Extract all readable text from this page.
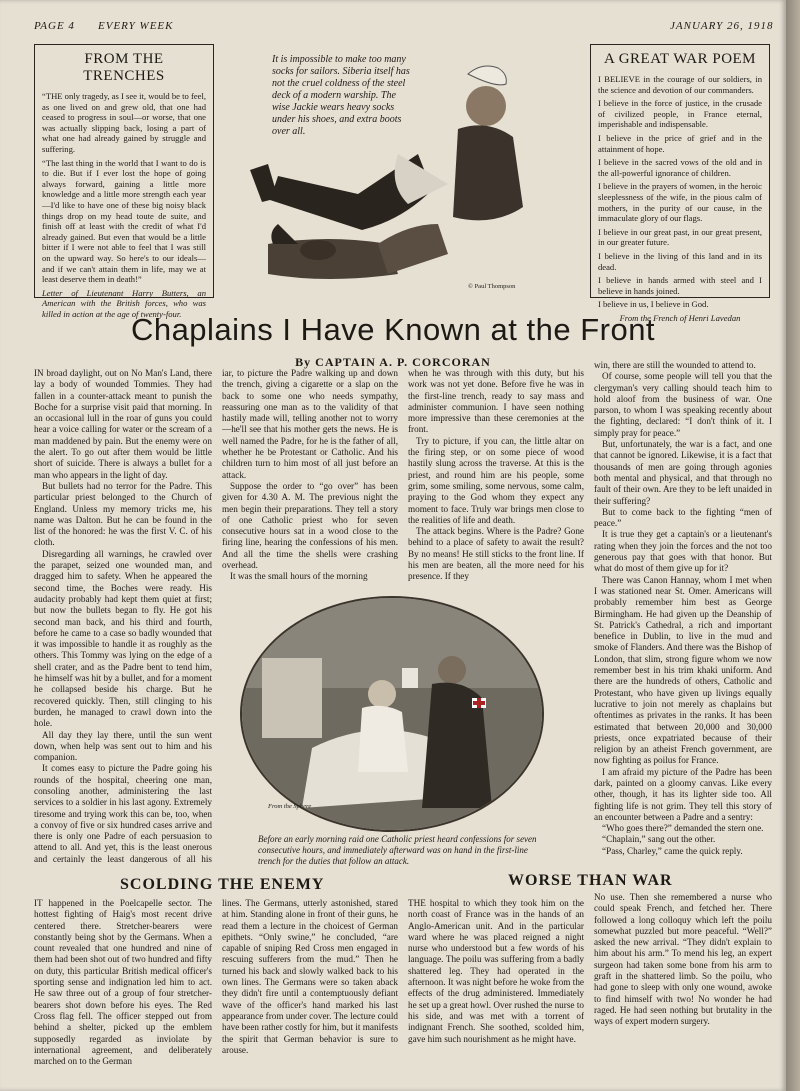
PAGE 4 EVERY WEEK	JANUARY 26, 1918
FROM THE TRENCHES

“THE only tragedy, as I see it, would be to feel, as one lived on and grew old, that one had ceased to progress in soul—or worse, that one was actually slipping back, losing a part of what one had already gained by struggle and suffering.

“The last thing in the world that I want to do is to die. But if I ever lost the hope of going always forward, gaining a little more knowledge and a little more strength each year—I'd like to have one of these big noisy black things drop on my head toute de suite, and finish off at least with the credit of what I'd already gained. But even that would be a little bitter if I were not able to feel that I was still on the upward way. So here's to our ideals—and if we can't attain them in life, may we at least deserve them in death!”

Letter of Lieutenant Harry Butters, an American with the British forces, who was killed in action at the age of twenty-four.

It is impossible to make too many socks for sailors. Siberia itself has not the cruel coldness of the steel deck of a modern warship. The wise Jackie wears heavy socks under his shoes, and extra boots over all.
© Paul Thompson
A GREAT WAR POEM

I BELIEVE in the courage of our soldiers, in the science and devotion of our commanders.

I believe in the force of justice, in the crusade of civilized people, in France eternal, imperishable and indispensable.

I believe in the price of grief and in the attainment of hope.

I believe in the sacred vows of the old and in the all-powerful ignorance of children.

I believe in the prayers of women, in the heroic sleeplessness of the wife, in the pious calm of mothers, in the purity of our cause, in the immaculate glory of our flags.

I believe in our great past, in our great present, in our greater future.

I believe in the living of this land and in its dead.

I believe in hands armed with steel and I believe in hands joined.

I believe in us, I believe in God.

From the French of Henri Lavedan

Chaplains I Have Known at the Front
By CAPTAIN A. P. CORCORAN

IN broad daylight, out on No Man's Land, there lay a body of wounded Tommies. They had fallen in a counter-attack meant to punish the Boche for a surprise visit paid that morning. In an occasional lull in the roar of guns you could hear a voice calling for water or the scream of a man maddened by pain. But the enemy were on the alert. To go out after them would be little short of suicide. There is always a bullet for a man who appears in the light of day.

But bullets had no terror for the Padre. This particular priest belonged to the Church of England. Unless my memory tricks me, his name was Dalton. But he can be found in the list of the honored: he was the first V. C. of his cloth.

Disregarding all warnings, he crawled over the parapet, seized one wounded man, and dragged him to safety. When he appeared the second time, the Boches were ready. His audacity probably had kept them quiet at first; but now the bullets began to fly. He got his second man back, and his third and fourth, before he came to a case so badly wounded that it was impossible to handle it as roughly as the others. This Tommy was lying on the edge of a shell crater, and as the Padre bent to tend him, he himself was hit by a bullet, and for a moment he collapsed beside his charge. But he recovered quickly. Then, still clinging to his burden, he managed to crawl down into the hole.

All day they lay there, until the sun went down, when help was sent out to him and his companion.

It comes easy to picture the Padre going his rounds of the hospital, cheering one man, consoling another, administering the last services to a soldier in his last agony. Extremely tiresome and trying work this can be, too, when a convoy of five or six hundred cases arrive and there is only one Padre of each persuasion to attend to all. And yet, this is the least onerous and certainly the least dangerous of all his

iar, to picture the Padre walking up and down the trench, giving a cigarette or a slap on the back to some one who needs sympathy, reassuring one man as to the validity of that hastily made will, telling another not to worry—he'll see that his mother gets the news. He is well named the Padre, for he is the father of all, whether he be Protestant or Catholic. And his children turn to him most of all just before an attack.

Suppose the order to “go over” has been given for 4.30 A. M. The previous night the men begin their preparations. They tell a story of one Catholic priest who for seven consecutive hours sat in a wood close to the firing line, hearing the confessions of his men. And all the time the shells were crashing overhead.

It was the small hours of the morning

when he was through with this duty, but his work was not yet done. Before five he was in the first-line trench, ready to say mass and administer communion. I have seen nothing more impressive than these ceremonies at the front.

Try to picture, if you can, the little altar on the firing step, or on some piece of wood hastily slung across the traverse. At this is the priest, and round him are his people, some grim, some smiling, some nervous, some calm, praying to the God whom they expect any moment to face. Truly war brings men close to the realities of life and death.

The attack begins. Where is the Padre? Gone behind to a place of safety to await the result? By no means! He still sticks to the front line. If his men are beaten, all the more need for his presence. If they

win, there are still the wounded to attend to.

Of course, some people will tell you that the clergyman's very calling should teach him to hold aloof from the business of war. One parson, to whom I was speaking recently about the fighting, declared: “I don't think of it. I simply pray for peace.”

But, unfortunately, the war is a fact, and one that cannot be ignored. Likewise, it is a fact that thousands of men are going through agonies both mental and physical, and that through no fault of their own. Are they to be left unaided in their suffering?

But to come back to the fighting “men of peace.”

It is true they get a captain's or a lieutenant's rating when they join the forces and the not too generous pay that goes with that honor. But what do most of them give up for it?

There was Canon Hannay, whom I met when I was stationed near St. Omer. Americans will probably remember him best as George Birmingham. He had given up the Deanship of St. Patrick's Cathedral, a rich and important benefice in Dublin, to live in the mud and smoke of Flanders. And there was the Bishop of London, that slim, strong figure whom we now remember best in his trim khaki uniform. And there are the hundreds of others, Catholic and Protestant, who have given up livings equally lucrative to join not merely as chaplains but oftentimes as privates in the ranks. It has been estimated that between 20,000 and 30,000 priests, once expatriated because of their religion by an atheist French government, are now fighting as poilus for France.

I am afraid my picture of the Padre has been dark, painted on a gloomy canvas. Like every other, though, it has its lighter side too. All fighting life is not grim. They tell this story of an encounter between a Padre and a sentry:

“Who goes there?” demanded the stern one.

“Chaplain,” sang out the other.

“Pass, Charley,” came the quick reply.

From the Sphere
Before an early morning raid one Catholic priest heard confessions for seven consecutive hours, and immediately afterward was on hand in the first-line trench for the duties that follow an attack.
SCOLDING THE ENEMY	WORSE THAN WAR

IT happened in the Poelcapelle sector. The hottest fighting of Haig's most recent drive centered there. Stretcher-bearers were constantly being shot by the Germans. When a count revealed that one hundred and nine of them had been shot out of two hundred and fifty on duty, this particular British medical officer's sporting sense and indignation led him to act. He saw three out of a group of four stretcher-bearers shot down before his eyes. The Red Cross flag fell. The officer stepped out from behind a shelter, picked up the emblem supposedly regarded as inviolate by international agreement, and deliberately marched on to the German

lines. The Germans, utterly astonished, stared at him. Standing alone in front of their guns, he read them a lecture in the choicest of German epithets. “Only swine,” he concluded, “are capable of sniping Red Cross men engaged in rescuing sufferers from the mud.” Then he turned his back and slowly walked back to his own lines. The Germans were so taken aback they didn't fire until a contemptuously defiant wave of the officer's hand marked his last appearance from under cover. The lecture could have been rather costly for him, but it manifests the spirit that German behavior is sure to arouse.

THE hospital to which they took him on the north coast of France was in the hands of an Anglo-American unit. And in the particular ward where he was placed reigned a night nurse who understood but a few words of his language. The poilu was suffering from a badly shattered leg. They had operated in the afternoon. It was night before he woke from the effects of the drug administered. Immediately he set up a great howl. Over rushed the nurse to his side, and was met with a torrent of indignant French. She soothed, scolded him, gave him such nourishment as he might have.

No use. Then she remembered a nurse who could speak French, and fetched her. There followed a long colloquy which left the poilu somewhat puzzled but more peaceful. “Well?” asked the new arrival. “They didn't explain to him about his arm.” To mend his leg, an expert surgeon had taken some bone from his arm to graft in the shattered limb. So the poilu, who had gone to sleep with only one wound, awoke to find himself with two! No wonder he had raged. He had seen nothing but brutality in the ways of expert modern surgery.
